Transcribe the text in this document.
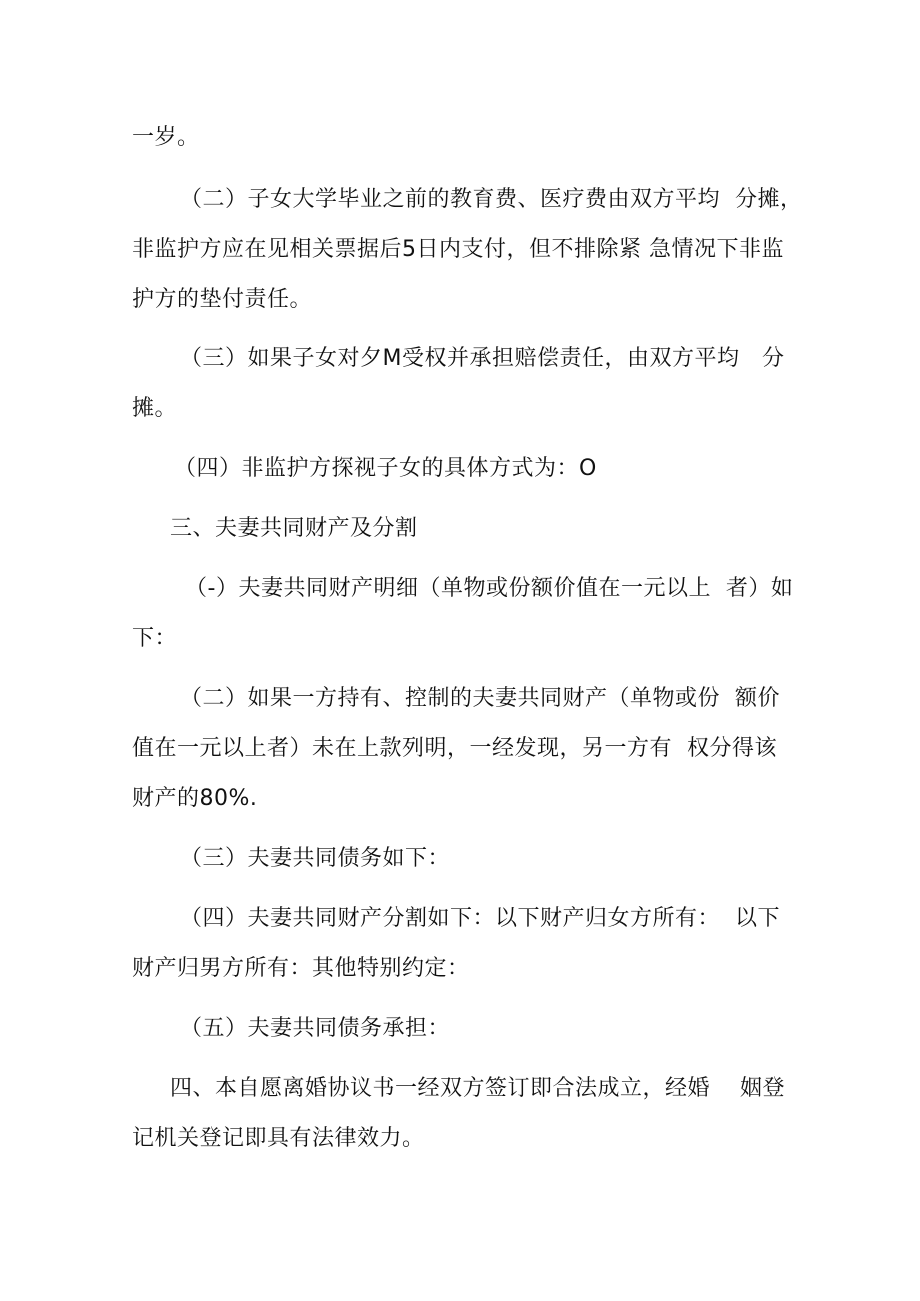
一岁。
（二）子女大学毕业之前的教育费、医疗费由双方平均  分摊，
非监护方应在见相关票据后5日内支付，但不排除紧 急情况下非监
护方的垫付责任。
（三）如果子女对夕M受权并承担赔偿责任，由双方平均   分
摊。
（四）非监护方探视子女的具体方式为：O
三、夫妻共同财产及分割
（-）夫妻共同财产明细（单物或份额价值在一元以上  者）如
下：
（二）如果一方持有、控制的夫妻共同财产（单物或份  额价
值在一元以上者）未在上款列明，一经发现，另一方有  权分得该
财产的80%.
（三）夫妻共同债务如下：
（四）夫妻共同财产分割如下：以下财产归女方所有：  以下
财产归男方所有：其他特别约定：
（五）夫妻共同债务承担：
四、本自愿离婚协议书一经双方签订即合法成立，经婚    姻登
记机关登记即具有法律效力。
